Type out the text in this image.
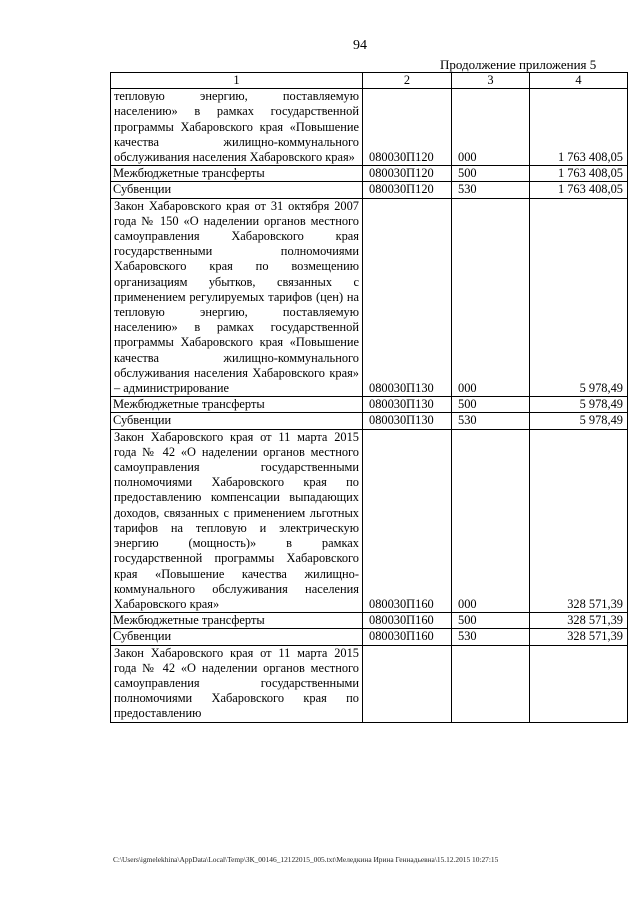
94
Продолжение приложения 5
1	2	3	4
тепловую энергию, поставляемую населению» в рамках государственной программы Хабаровского края «Повышение качества жилищно-коммунального обслуживания населения Хабаровского края»	080030П120	000	1 763 408,05
Межбюджетные трансферты	080030П120	500	1 763 408,05
Субвенции	080030П120	530	1 763 408,05
Закон Хабаровского края от 31 октября 2007 года № 150 «О наделении органов местного самоуправления Хабаровского края государственными полномочиями Хабаровского края по возмещению организациям убытков, связанных с применением регулируемых тарифов (цен) на тепловую энергию, поставляемую населению» в рамках государственной программы Хабаровского края «Повышение качества жилищно-коммунального обслуживания населения Хабаровского края» – администрирование	080030П130	000	5 978,49
Межбюджетные трансферты	080030П130	500	5 978,49
Субвенции	080030П130	530	5 978,49
Закон Хабаровского края от 11 марта 2015 года № 42 «О наделении органов местного самоуправления государственными полномочиями Хабаровского края по предоставлению компенсации выпадающих доходов, связанных с применением льготных тарифов на тепловую и электрическую энергию (мощность)» в рамках государственной программы Хабаровского края «Повышение качества жилищно-коммунального обслуживания населения Хабаровского края»	080030П160	000	328 571,39
Межбюджетные трансферты	080030П160	500	328 571,39
Субвенции	080030П160	530	328 571,39
Закон Хабаровского края от 11 марта 2015 года № 42 «О наделении органов местного самоуправления государственными полномочиями Хабаровского края по предоставлению			
C:\Users\igmelekhina\AppData\Local\Temp\ЗК_00146_12122015_005.txt\Меледкина Ирина Геннадьевна\15.12.2015 10:27:15
